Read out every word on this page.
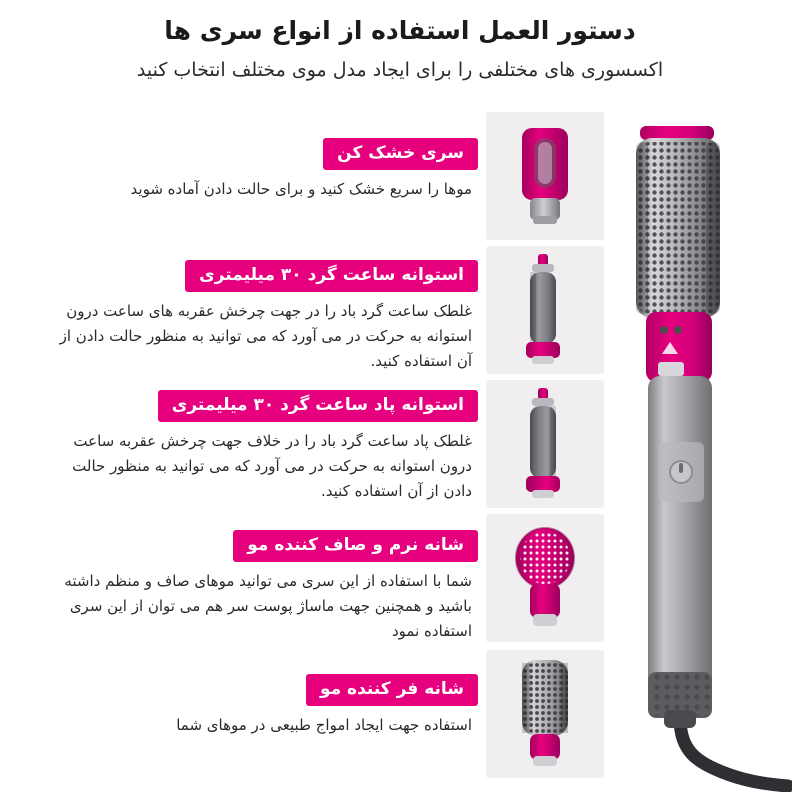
دستور العمل استفاده از انواع سری ها

اکسسوری های مختلفی را برای ایجاد مدل موی مختلف انتخاب کنید

سری خشک کن
موها را سریع خشک کنید و برای حالت دادن آماده شوید
استوانه ساعت گرد ۳۰ میلیمتری
غلطک ساعت گرد باد را در جهت چرخش عقربه های ساعت درون استوانه به حرکت در می آورد که می توانید به منظور حالت دادن از آن استفاده کنید.
استوانه پاد ساعت گرد ۳۰ میلیمتری
غلطک پاد ساعت گرد باد را در خلاف جهت چرخش عقربه ساعت درون استوانه به حرکت در می آورد که می توانید به منظور حالت دادن از آن استفاده کنید.
شانه نرم و صاف کننده مو
شما با استفاده از این سری می توانید موهای صاف و منظم داشته باشید و همچنین جهت ماساژ پوست سر هم می توان از این سری استفاده نمود
شانه فر کننده مو
استفاده جهت ایجاد امواج طبیعی در موهای شما
